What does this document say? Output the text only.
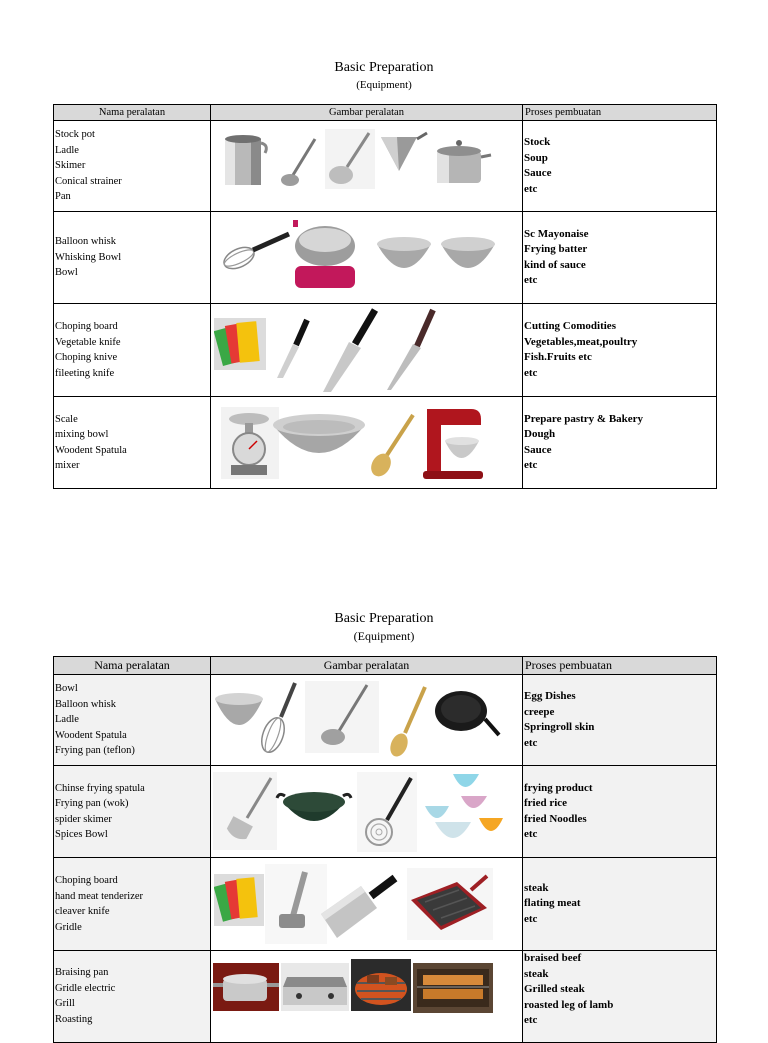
Basic Preparation
(Equipment)
Nama peralatan	Gambar peralatan	Proses pembuatan

Stock pot
Ladle
Skimer
Conical strainer
Pan		Stock
Soup
Sauce
etc

Balloon whisk
Whisking Bowl
Bowl		Sc Mayonaise
Frying batter
kind of sauce
etc

Choping board
Vegetable knife
Choping knive
fileeting knife		Cutting Comodities
Vegetables,meat,poultry
Fish.Fruits etc
etc

Scale
mixing bowl
Woodent Spatula
mixer		Prepare pastry & Bakery
Dough
Sauce
etc
Basic Preparation
(Equipment)
Nama peralatan	Gambar peralatan	Proses pembuatan

Bowl
Balloon whisk
Ladle
Woodent Spatula
Frying pan (teflon)		Egg Dishes
creepe
Springroll skin
etc

Chinse frying spatula
Frying pan (wok)
spider skimer
Spices Bowl		frying product
fried rice
fried Noodles
etc

Choping board
hand meat tenderizer
cleaver knife
Gridle		steak
flating meat
etc

Braising pan
Gridle electric
Grill
Roasting		braised beef
steak
Grilled steak
roasted leg of lamb
etc
